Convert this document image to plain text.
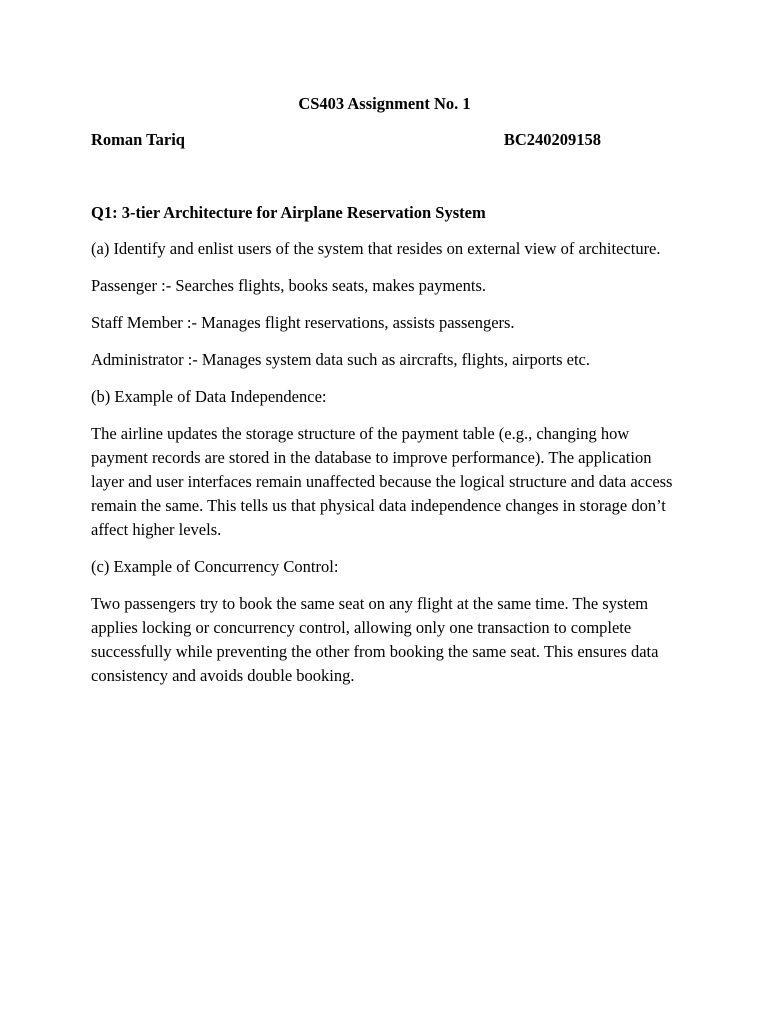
CS403 Assignment No. 1
Roman Tariq	BC240209158
Q1: 3-tier Architecture for Airplane Reservation System

(a) Identify and enlist users of the system that resides on external view of architecture.

Passenger :- Searches flights, books seats, makes payments.

Staff Member :- Manages flight reservations, assists passengers.

Administrator :- Manages system data such as aircrafts, flights, airports etc.

(b) Example of Data Independence:

The airline updates the storage structure of the payment table (e.g., changing how payment records are stored in the database to improve performance). The application layer and user interfaces remain unaffected because the logical structure and data access remain the same. This tells us that physical data independence changes in storage don’t affect higher levels.

(c) Example of Concurrency Control:

Two passengers try to book the same seat on any flight at the same time. The system applies locking or concurrency control, allowing only one transaction to complete successfully while preventing the other from booking the same seat. This ensures data consistency and avoids double booking.
